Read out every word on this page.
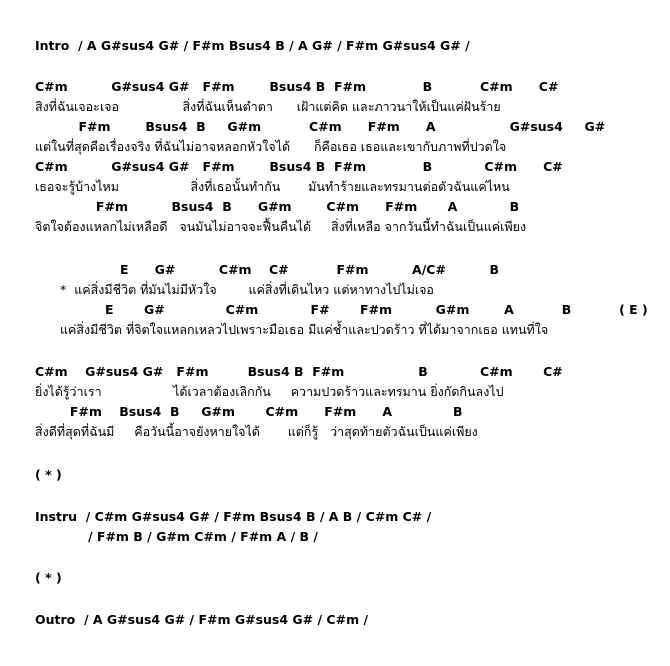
Intro  / A G#sus4 G# / F#m Bsus4 B / A G# / F#m G#sus4 G# /
C#m          G#sus4 G#   F#m        Bsus4 B  F#m             B           C#m      C#
สิงที่ฉันเจอะเจอ                สิ่งที่ฉันเห็นตำตา      เฝ้าแต่คิด และภาวนาให้เป็นแค่ฝันร้าย
F#m        Bsus4  B     G#m           C#m      F#m      A                 G#sus4     G#
แต่ในที่สุดคือเรื่องจริง ที่ฉันไม่อาจหลอกหัวใจได้      ก็คือเธอ เธอและเขากับภาพที่ปวดใจ
C#m          G#sus4 G#   F#m        Bsus4 B  F#m             B            C#m      C#
เธอจะรู้บ้างไหม                  สิ่งที่เธอนั้นทำกัน       มันทำร้ายและทรมานต่อตัวฉันแค่ไหน
F#m          Bsus4  B      G#m        C#m      F#m       A            B
จิตใจต้องแหลกไม่เหลือดี   จนมันไม่อาจจะฟื้นคืนได้     สิ่งที่เหลือ จากวันนี้ทำฉันเป็นแค่เพียง
E      G#          C#m    C#           F#m          A/C#          B
*  แค่สิ่งมีชีวิต ที่มันไม่มีหัวใจ        แค่สิ่งที่เดินไหว แต่หาทางไปไม่เจอ
E       G#              C#m            F#       F#m          G#m        A           B           ( E )
แค่สิ่งมีชีวิต ที่จิตใจแหลกเหลวไปเพราะมือเธอ มีแค่ช้ำและปวดร้าว ที่ได้มาจากเธอ แทนที่ใจ
C#m    G#sus4 G#   F#m         Bsus4 B  F#m                 B            C#m       C#
ยิ่งได้รู้ว่าเรา                  ได้เวลาต้องเลิกกัน     ความปวดร้าวและทรมาน ยิ่งกัดกินลงไป
F#m    Bsus4  B     G#m       C#m      F#m      A              B
สิ่งดีที่สุดที่ฉันมี     คือวันนี้อาจยังหายใจได้       แต่ก็รู้   ว่าสุดท้ายตัวฉันเป็นแค่เพียง
( * )
Instru  / C#m G#sus4 G# / F#m Bsus4 B / A B / C#m C# /
/ F#m B / G#m C#m / F#m A / B /
( * )
Outro  / A G#sus4 G# / F#m G#sus4 G# / C#m /
